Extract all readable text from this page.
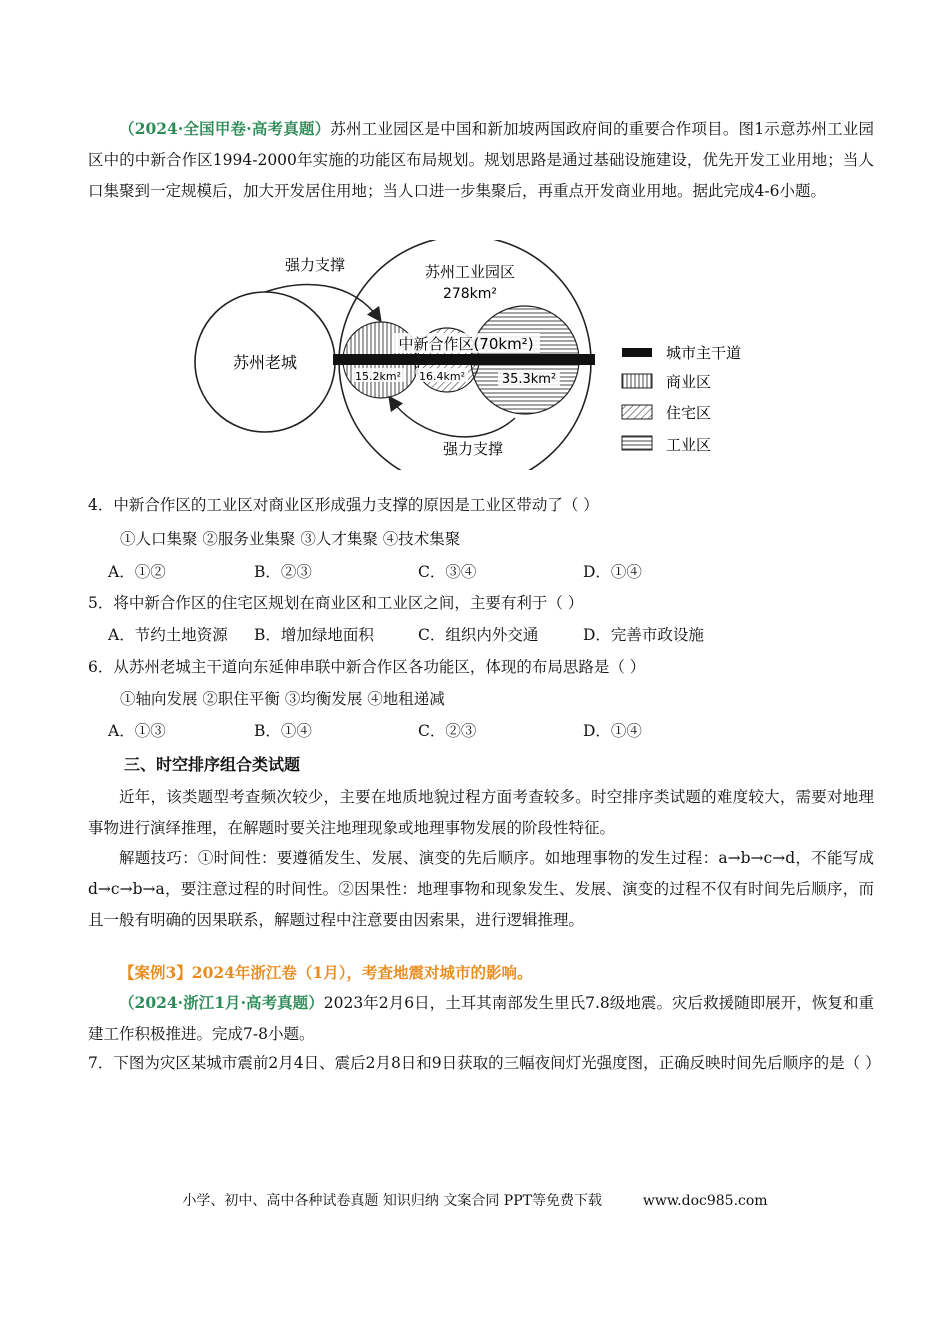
（2024·全国甲卷·高考真题）苏州工业园区是中国和新加坡两国政府间的重要合作项目。图1示意苏州工业园区中的中新合作区1994-2000年实施的功能区布局规划。规划思路是通过基础设施建设，优先开发工业用地；当人口集聚到一定规模后，加大开发居住用地；当人口进一步集聚后，再重点开发商业用地。据此完成4-6小题。

苏州老城
苏州工业园区
278km²
中新合作区(70km²)
15.2km² 16.4km²	35.3km²
强力支撑
强力支撑
城市主干道
商业区
住宅区
工业区
4．中新合作区的工业区对商业区形成强力支撑的原因是工业区带动了（ ）
①人口集聚 ②服务业集聚 ③人才集聚 ④技术集聚
A．①②	B．②③	C．③④	D．①④
5．将中新合作区的住宅区规划在商业区和工业区之间，主要有利于（ ）
A．节约土地资源 B．增加绿地面积	C．组织内外交通	D．完善市政设施
6．从苏州老城主干道向东延伸串联中新合作区各功能区，体现的布局思路是（ ）
①轴向发展 ②职住平衡 ③均衡发展 ④地租递减
A．①③	B．①④	C．②③	D．①④
三、时空排序组合类试题

近年，该类题型考查频次较少，主要在地质地貌过程方面考查较多。时空排序类试题的难度较大，需要对地理事物进行演绎推理，在解题时要关注地理现象或地理事物发展的阶段性特征。

解题技巧：①时间性：要遵循发生、发展、演变的先后顺序。如地理事物的发生过程：a→b→c→d，不能写成d→c→b→a，要注意过程的时间性。②因果性：地理事物和现象发生、发展、演变的过程不仅有时间先后顺序，而且一般有明确的因果联系，解题过程中注意要由因索果，进行逻辑推理。

【案例3】2024年浙江卷（1月），考查地震对城市的影响。

（2024·浙江1月·高考真题）2023年2月6日，土耳其南部发生里氏7.8级地震。灾后救援随即展开，恢复和重建工作积极推进。完成7-8小题。

7．下图为灾区某城市震前2月4日、震后2月8日和9日获取的三幅夜间灯光强度图，正确反映时间先后顺序的是（ ）

小学、初中、高中各种试卷真题 知识归纳 文案合同 PPT等免费下载	www.doc985.com
